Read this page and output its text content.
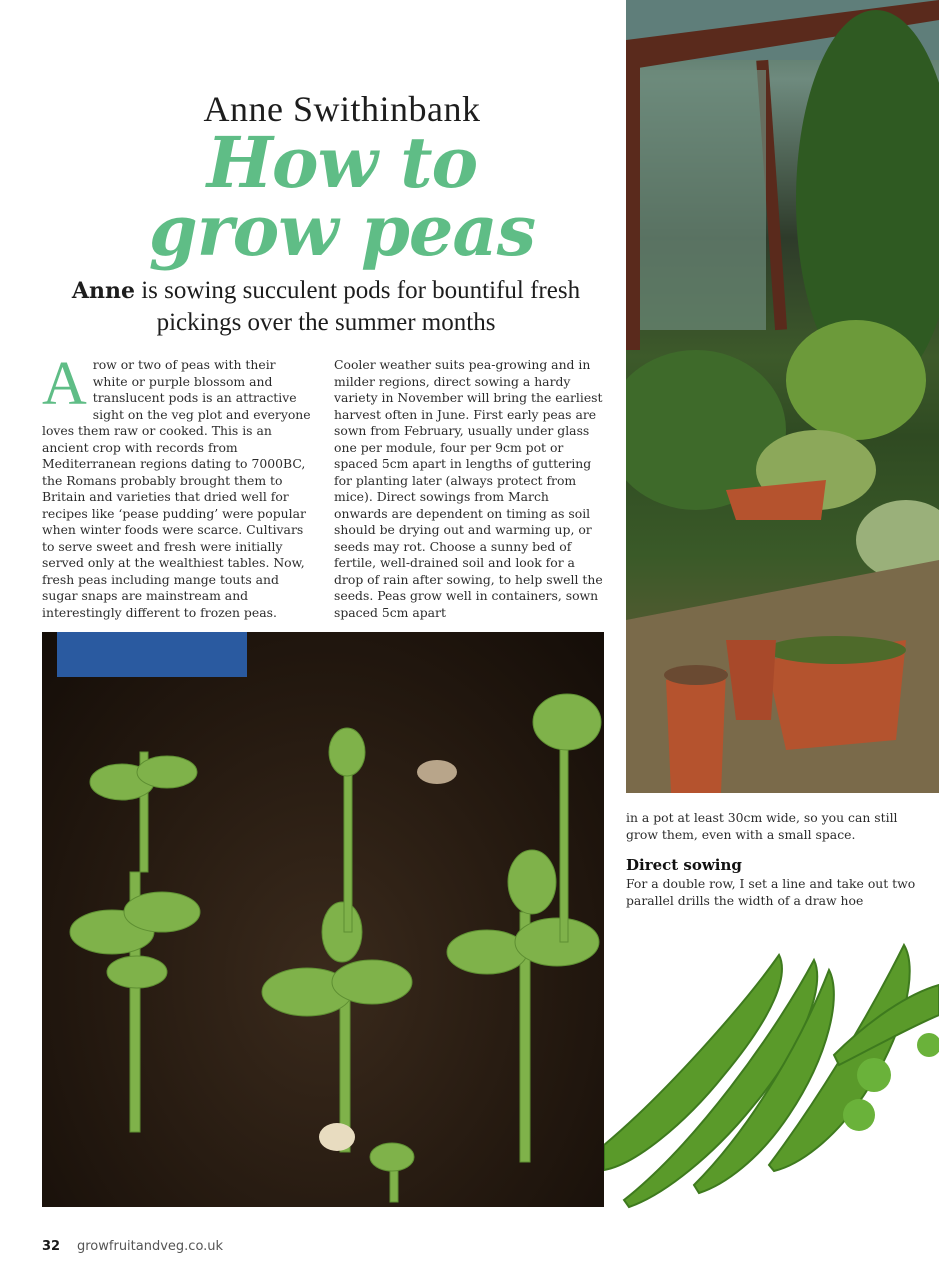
Anne Swithinbank
How to
grow peas
Anne is sowing succulent pods for bountiful fresh pickings over the summer months
Arow or two of peas with their white or purple blossom and translucent pods is an attractive sight on the veg plot and everyone loves them raw or cooked. This is an ancient crop with records from Mediterranean regions dating to 7000BC, the Romans probably brought them to Britain and varieties that dried well for recipes like ‘pease pudding’ were popular when winter foods were scarce. Cultivars to serve sweet and fresh were initially served only at the wealthiest tables. Now, fresh peas including mange touts and sugar snaps are mainstream and interestingly different to frozen peas.
Cooler weather suits pea-growing and in milder regions, direct sowing a hardy variety in November will bring the earliest harvest often in June. First early peas are sown from February, usually under glass one per module, four per 9cm pot or spaced 5cm apart in lengths of guttering for planting later (always protect from mice). Direct sowings from March onwards are dependent on timing as soil should be drying out and warming up, or seeds may rot. Choose a sunny bed of fertile, well-drained soil and look for a drop of rain after sowing, to help swell the seeds. Peas grow well in containers, sown spaced 5cm apart
in a pot at least 30cm wide, so you can still grow them, even with a small space.
Direct sowing
For a double row, I set a line and take out two parallel drills the width of a draw hoe
32 growfruitandveg.co.uk
